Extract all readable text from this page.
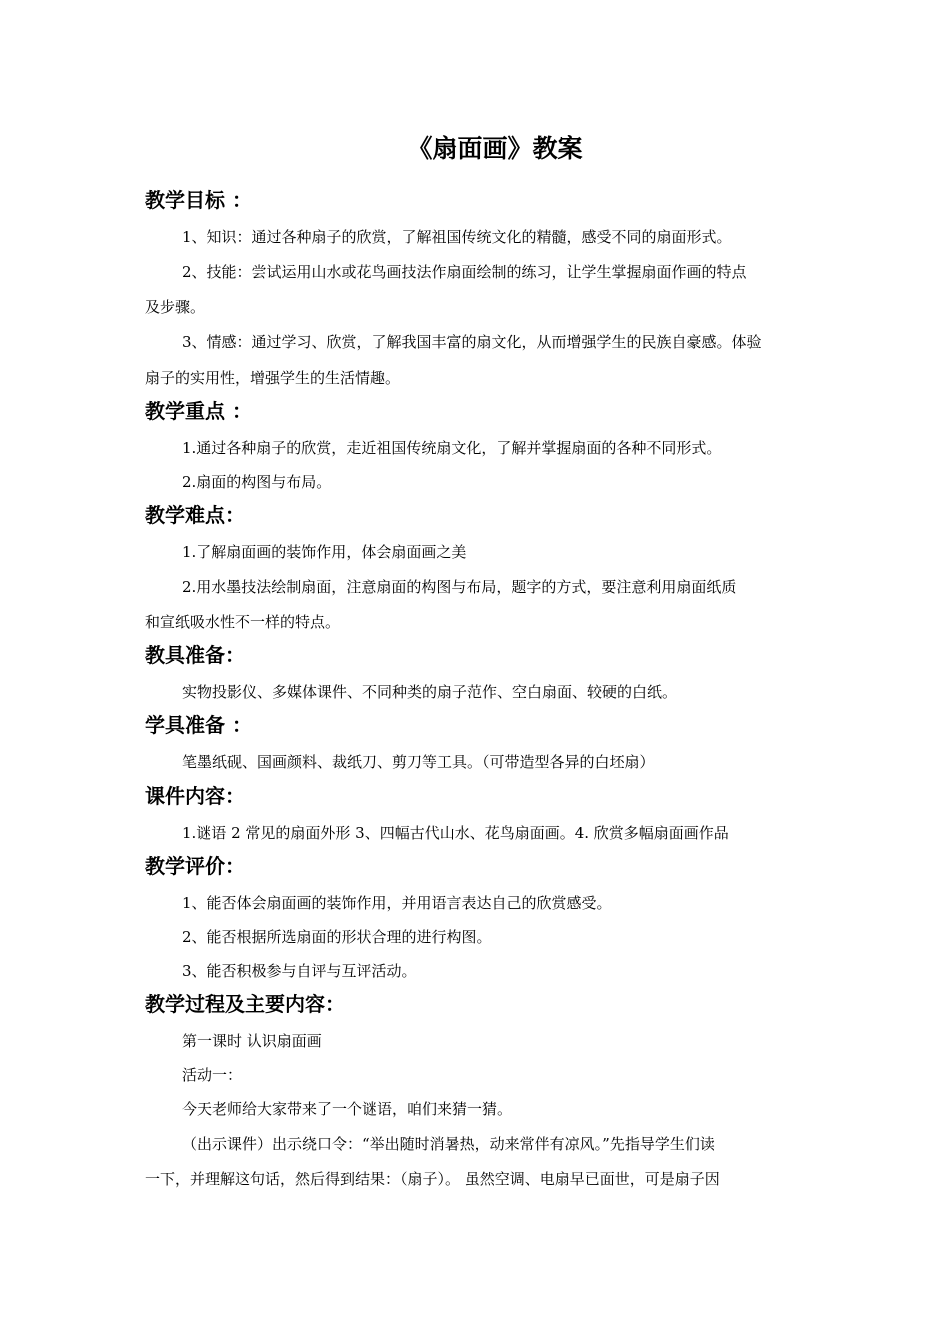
《扇面画》教案
教学目标 ：
1、知识：通过各种扇子的欣赏，了解祖国传统文化的精髓，感受不同的扇面形式。
2、技能：尝试运用山水或花鸟画技法作扇面绘制的练习，让学生掌握扇面作画的特点
及步骤。
3、情感：通过学习、欣赏，了解我国丰富的扇文化，从而增强学生的民族自豪感。体验
扇子的实用性，增强学生的生活情趣。
教学重点 ：
1.通过各种扇子的欣赏，走近祖国传统扇文化，了解并掌握扇面的各种不同形式。
2.扇面的构图与布局。
教学难点：
1.了解扇面画的装饰作用，体会扇面画之美
2.用水墨技法绘制扇面，注意扇面的构图与布局，题字的方式，要注意利用扇面纸质
和宣纸吸水性不一样的特点。
教具准备：
实物投影仪、多媒体课件、不同种类的扇子范作、空白扇面、较硬的白纸。
学具准备 ：
笔墨纸砚、国画颜料、裁纸刀、剪刀等工具。（可带造型各异的白坯扇）
课件内容：
1.谜语 2 常见的扇面外形 3、四幅古代山水、花鸟扇面画。4. 欣赏多幅扇面画作品
教学评价：
1、能否体会扇面画的装饰作用，并用语言表达自己的欣赏感受。
2、能否根据所选扇面的形状合理的进行构图。
3、能否积极参与自评与互评活动。
教学过程及主要内容：
第一课时 认识扇面画
活动一：
今天老师给大家带来了一个谜语，咱们来猜一猜。
（出示课件）出示绕口令：“举出随时消暑热，动来常伴有凉风。”先指导学生们读
一下，并理解这句话，然后得到结果：（扇子）。 虽然空调、电扇早已面世，可是扇子因
